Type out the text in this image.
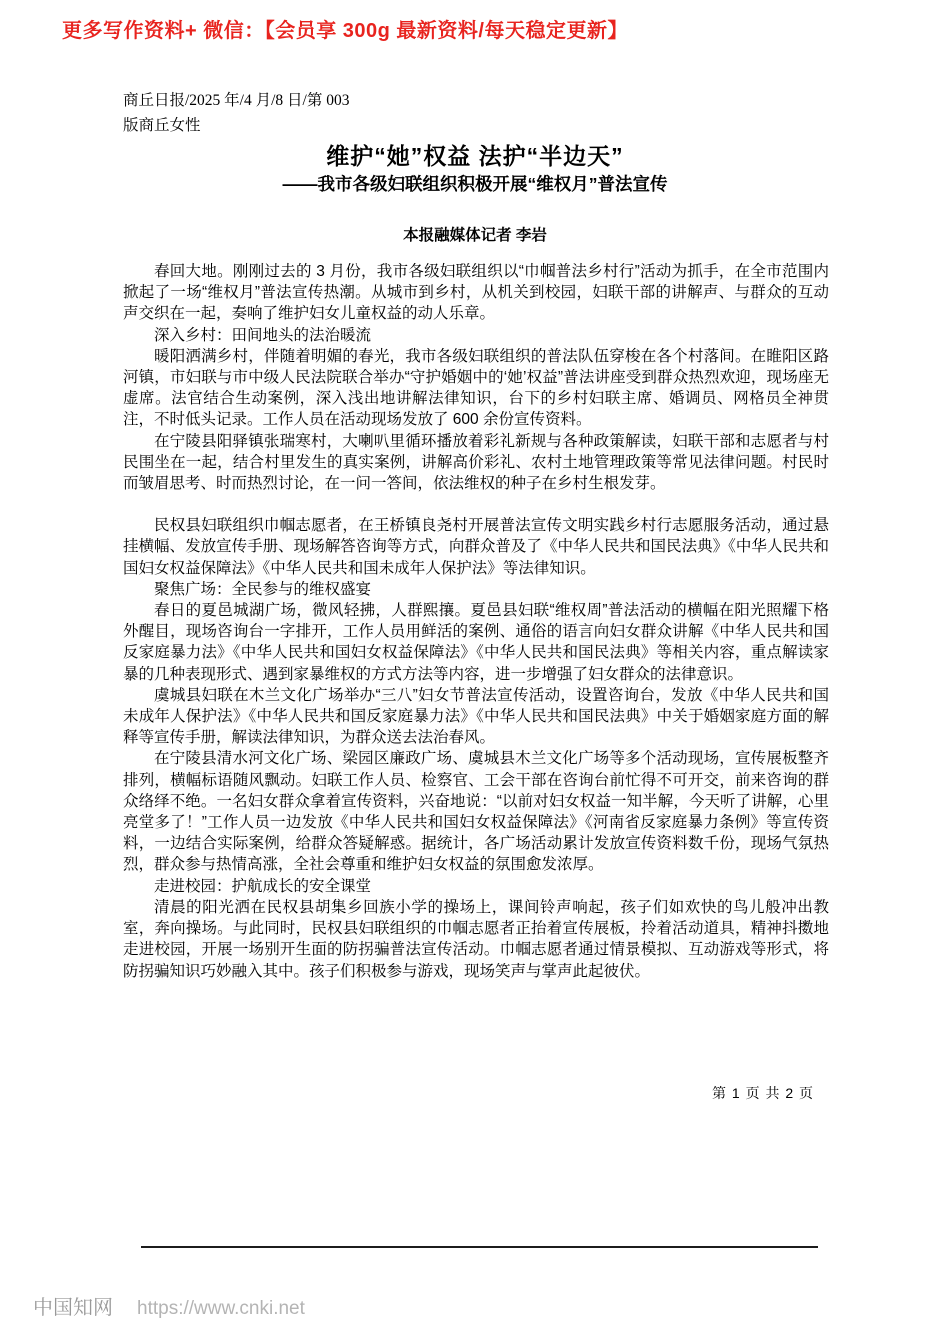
更多写作资料+ 微信：【会员享 300g 最新资料/每天稳定更新】
商丘日报/2025 年/4 月/8 日/第 003
版商丘女性
维护“她”权益 法护“半边天”
——我市各级妇联组织积极开展“维权月”普法宣传
本报融媒体记者 李岩

春回大地。刚刚过去的 3 月份，我市各级妇联组织以“巾帼普法乡村行”活动为抓手，在全市范围内掀起了一场“维权月”普法宣传热潮。从城市到乡村，从机关到校园，妇联干部的讲解声、与群众的互动声交织在一起，奏响了维护妇女儿童权益的动人乐章。

深入乡村：田间地头的法治暖流

暖阳洒满乡村，伴随着明媚的春光，我市各级妇联组织的普法队伍穿梭在各个村落间。在睢阳区路河镇，市妇联与市中级人民法院联合举办“守护婚姻中的‘她’权益”普法讲座受到群众热烈欢迎，现场座无虚席。法官结合生动案例，深入浅出地讲解法律知识，台下的乡村妇联主席、婚调员、网格员全神贯注，不时低头记录。工作人员在活动现场发放了 600 余份宣传资料。

在宁陵县阳驿镇张瑞寒村，大喇叭里循环播放着彩礼新规与各种政策解读，妇联干部和志愿者与村民围坐在一起，结合村里发生的真实案例，讲解高价彩礼、农村土地管理政策等常见法律问题。村民时而皱眉思考、时而热烈讨论，在一问一答间，依法维权的种子在乡村生根发芽。

民权县妇联组织巾帼志愿者，在王桥镇良尧村开展普法宣传文明实践乡村行志愿服务活动，通过悬挂横幅、发放宣传手册、现场解答咨询等方式，向群众普及了《中华人民共和国民法典》《中华人民共和国妇女权益保障法》《中华人民共和国未成年人保护法》等法律知识。

聚焦广场：全民参与的维权盛宴

春日的夏邑城湖广场，微风轻拂，人群熙攘。夏邑县妇联“维权周”普法活动的横幅在阳光照耀下格外醒目，现场咨询台一字排开，工作人员用鲜活的案例、通俗的语言向妇女群众讲解《中华人民共和国反家庭暴力法》《中华人民共和国妇女权益保障法》《中华人民共和国民法典》等相关内容，重点解读家暴的几种表现形式、遇到家暴维权的方式方法等内容，进一步增强了妇女群众的法律意识。

虞城县妇联在木兰文化广场举办“三八”妇女节普法宣传活动，设置咨询台，发放《中华人民共和国未成年人保护法》《中华人民共和国反家庭暴力法》《中华人民共和国民法典》中关于婚姻家庭方面的解释等宣传手册，解读法律知识，为群众送去法治春风。

在宁陵县清水河文化广场、梁园区廉政广场、虞城县木兰文化广场等多个活动现场，宣传展板整齐排列，横幅标语随风飘动。妇联工作人员、检察官、工会干部在咨询台前忙得不可开交，前来咨询的群众络绎不绝。一名妇女群众拿着宣传资料，兴奋地说：“以前对妇女权益一知半解，今天听了讲解，心里亮堂多了！”工作人员一边发放《中华人民共和国妇女权益保障法》《河南省反家庭暴力条例》等宣传资料，一边结合实际案例，给群众答疑解惑。据统计，各广场活动累计发放宣传资料数千份，现场气氛热烈，群众参与热情高涨，全社会尊重和维护妇女权益的氛围愈发浓厚。

走进校园：护航成长的安全课堂

清晨的阳光洒在民权县胡集乡回族小学的操场上，课间铃声响起，孩子们如欢快的鸟儿般冲出教室，奔向操场。与此同时，民权县妇联组织的巾帼志愿者正抬着宣传展板，拎着活动道具，精神抖擞地走进校园，开展一场别开生面的防拐骗普法宣传活动。巾帼志愿者通过情景模拟、互动游戏等形式，将防拐骗知识巧妙融入其中。孩子们积极参与游戏，现场笑声与掌声此起彼伏。

第 1 页 共 2 页
中国知网 https://www.cnki.net
